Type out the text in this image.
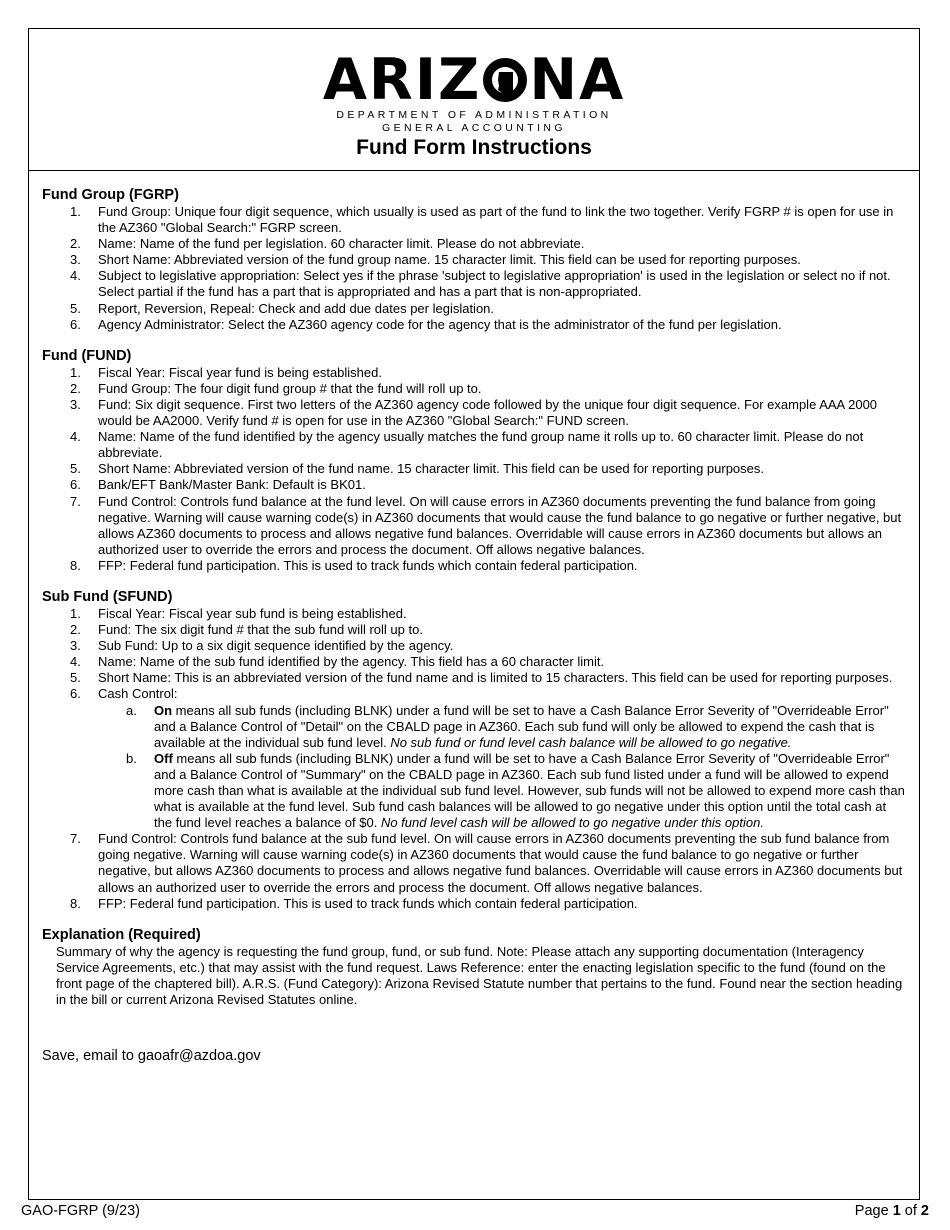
ARIZ NA
DEPARTMENT OF ADMINISTRATION
GENERAL ACCOUNTING
Fund Form Instructions
Fund Group (FGRP)
1. Fund Group: Unique four digit sequence, which usually is used as part of the fund to link the two together. Verify FGRP # is open for use in the AZ360 "Global Search:" FGRP screen.
2. Name: Name of the fund per legislation. 60 character limit. Please do not abbreviate.
3. Short Name: Abbreviated version of the fund group name. 15 character limit. This field can be used for reporting purposes.
4. Subject to legislative appropriation: Select yes if the phrase 'subject to legislative appropriation' is used in the legislation or select no if not. Select partial if the fund has a part that is appropriated and has a part that is non-appropriated.
5. Report, Reversion, Repeal: Check and add due dates per legislation.
6. Agency Administrator: Select the AZ360 agency code for the agency that is the administrator of the fund per legislation.
Fund (FUND)
1. Fiscal Year: Fiscal year fund is being established.
2. Fund Group: The four digit fund group # that the fund will roll up to.
3. Fund: Six digit sequence. First two letters of the AZ360 agency code followed by the unique four digit sequence. For example AAA 2000 would be AA2000. Verify fund # is open for use in the AZ360 "Global Search:" FUND screen.
4. Name: Name of the fund identified by the agency usually matches the fund group name it rolls up to. 60 character limit. Please do not abbreviate.
5. Short Name: Abbreviated version of the fund name. 15 character limit. This field can be used for reporting purposes.
6. Bank/EFT Bank/Master Bank: Default is BK01.
7. Fund Control: Controls fund balance at the fund level. On will cause errors in AZ360 documents preventing the fund balance from going negative. Warning will cause warning code(s) in AZ360 documents that would cause the fund balance to go negative or further negative, but allows AZ360 documents to process and allows negative fund balances. Overridable will cause errors in AZ360 documents but allows an authorized user to override the errors and process the document. Off allows negative balances.
8. FFP: Federal fund participation. This is used to track funds which contain federal participation.
Sub Fund (SFUND)
1. Fiscal Year: Fiscal year sub fund is being established.
2. Fund: The six digit fund # that the sub fund will roll up to.
3. Sub Fund: Up to a six digit sequence identified by the agency.
4. Name: Name of the sub fund identified by the agency. This field has a 60 character limit.
5. Short Name: This is an abbreviated version of the fund name and is limited to 15 characters. This field can be used for reporting purposes.
6. Cash Control:
a. On means all sub funds (including BLNK) under a fund will be set to have a Cash Balance Error Severity of "Overrideable Error" and a Balance Control of "Detail" on the CBALD page in AZ360. Each sub fund will only be allowed to expend the cash that is available at the individual sub fund level. No sub fund or fund level cash balance will be allowed to go negative.
b. Off means all sub funds (including BLNK) under a fund will be set to have a Cash Balance Error Severity of "Overrideable Error" and a Balance Control of "Summary" on the CBALD page in AZ360. Each sub fund listed under a fund will be allowed to expend more cash than what is available at the individual sub fund level. However, sub funds will not be allowed to expend more cash than what is available at the fund level. Sub fund cash balances will be allowed to go negative under this option until the total cash at the fund level reaches a balance of $0. No fund level cash will be allowed to go negative under this option.
7. Fund Control: Controls fund balance at the sub fund level. On will cause errors in AZ360 documents preventing the sub fund balance from going negative. Warning will cause warning code(s) in AZ360 documents that would cause the fund balance to go negative or further negative, but allows AZ360 documents to process and allows negative fund balances. Overridable will cause errors in AZ360 documents but allows an authorized user to override the errors and process the document. Off allows negative balances.
8. FFP: Federal fund participation. This is used to track funds which contain federal participation.
Explanation (Required)
Summary of why the agency is requesting the fund group, fund, or sub fund. Note: Please attach any supporting documentation (Interagency Service Agreements, etc.) that may assist with the fund request. Laws Reference: enter the enacting legislation specific to the fund (found on the front page of the chaptered bill). A.R.S. (Fund Category): Arizona Revised Statute number that pertains to the fund. Found near the section heading in the bill or current Arizona Revised Statutes online.
Save, email to gaoafr@azdoa.gov
GAO-FGRP (9/23)	Page 1 of 2
